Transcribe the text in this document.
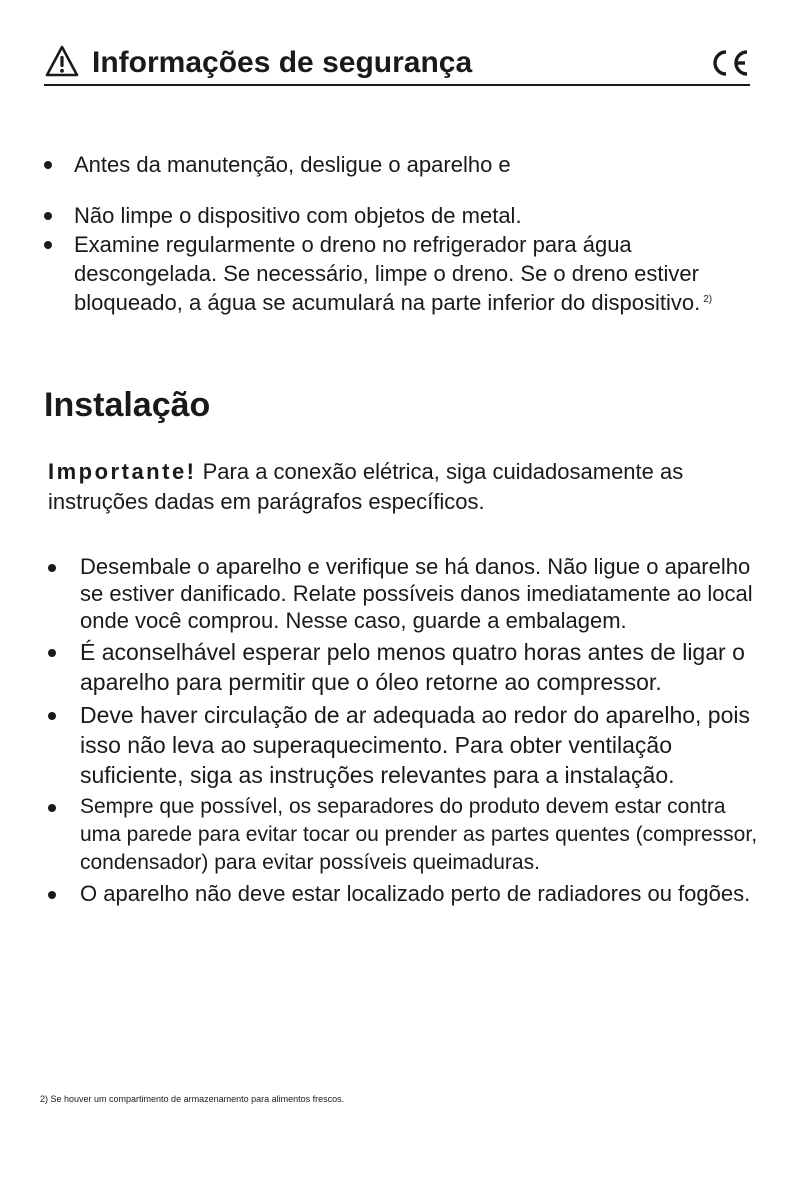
Informações de segurança
Antes da manutenção, desligue o aparelho e
Não limpe o dispositivo com objetos de metal.
Examine regularmente o dreno no refrigerador para água descongelada. Se necessário, limpe o dreno. Se o dreno estiver bloqueado, a água se acumulará na parte inferior do dispositivo. $^{2)}$
Instalação
Importante! Para a conexão elétrica, siga cuidadosamente as instruções dadas em parágrafos específicos.
Desembale o aparelho e verifique se há danos. Não ligue o aparelho se estiver danificado. Relate possíveis danos imediatamente ao local onde você comprou. Nesse caso, guarde a embalagem.
É aconselhável esperar pelo menos quatro horas antes de ligar o aparelho para permitir que o óleo retorne ao compressor.
Deve haver circulação de ar adequada ao redor do aparelho, pois isso não leva ao superaquecimento. Para obter ventilação suficiente, siga as instruções relevantes para a instalação.
Sempre que possível, os separadores do produto devem estar contra uma parede para evitar tocar ou prender as partes quentes (compressor, condensador) para evitar possíveis queimaduras.
O aparelho não deve estar localizado perto de radiadores ou fogões.
2) Se houver um compartimento de armazenamento para alimentos frescos.
